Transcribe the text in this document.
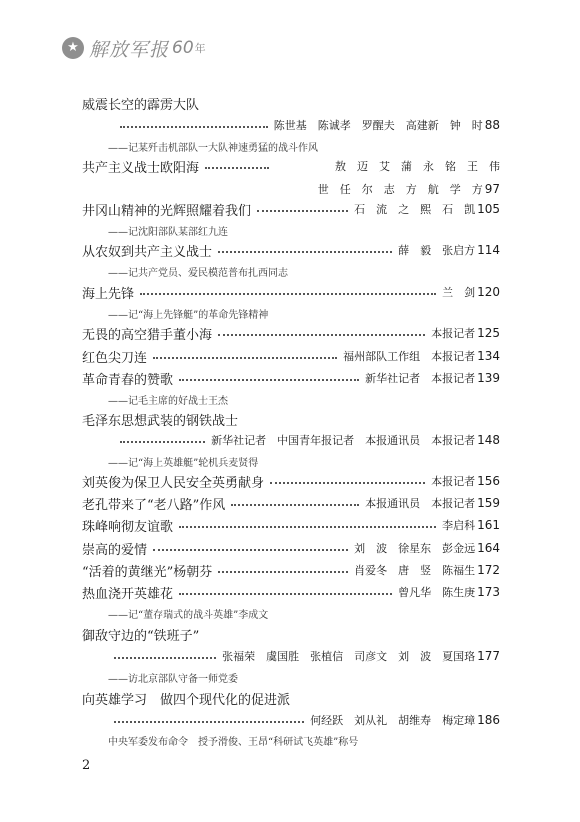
★
解放军报 60 年
威震长空的霹雳大队
陈世基　陈诚孝　罗醒夫　高建新　钟　时 88
——记某歼击机部队一大队神速勇猛的战斗作风
共产主义战士欧阳海	敖　迈　艾　蒲　永　铭　王　伟
世　任　尔　志　方　航　学　方 97
井冈山精神的光辉照耀着我们	石　流　之　熙　石　凯 105
——记沈阳部队某部红九连
从农奴到共产主义战士	薛　毅　张启方 114
——记共产党员、爱民模范普布扎西同志
海上先锋	兰　剑 120
——记“海上先锋艇”的革命先锋精神
无畏的高空猎手董小海	本报记者 125
红色尖刀连	福州部队工作组　本报记者 134
革命青春的赞歌	新华社记者　本报记者 139
——记毛主席的好战士王杰
毛泽东思想武装的钢铁战士
新华社记者　中国青年报记者　本报通讯员　本报记者 148
——记“海上英雄艇”轮机兵麦贤得
刘英俊为保卫人民安全英勇献身	本报记者 156
老孔带来了“老八路”作风	本报通讯员　本报记者 159
珠峰响彻友谊歌	李启科 161
崇高的爱情	刘　波　徐星东　彭金远 164
“活着的黄继光”杨朝芬	肖爱冬　唐　竖　陈福生 172
热血浇开英雄花	曾凡华　陈生庚 173
——记“董存瑞式的战斗英雄”李成文
御敌守边的“铁班子”
张福荣　虞国胜　张植信　司彦文　刘　波　夏国珞 177
——访北京部队守备一师党委
向英雄学习　做四个现代化的促进派
何经跃　刘从礼　胡维寿　梅定璋 186
中央军委发布命令　授予滑俊、王昂“科研试飞英雄”称号
2
